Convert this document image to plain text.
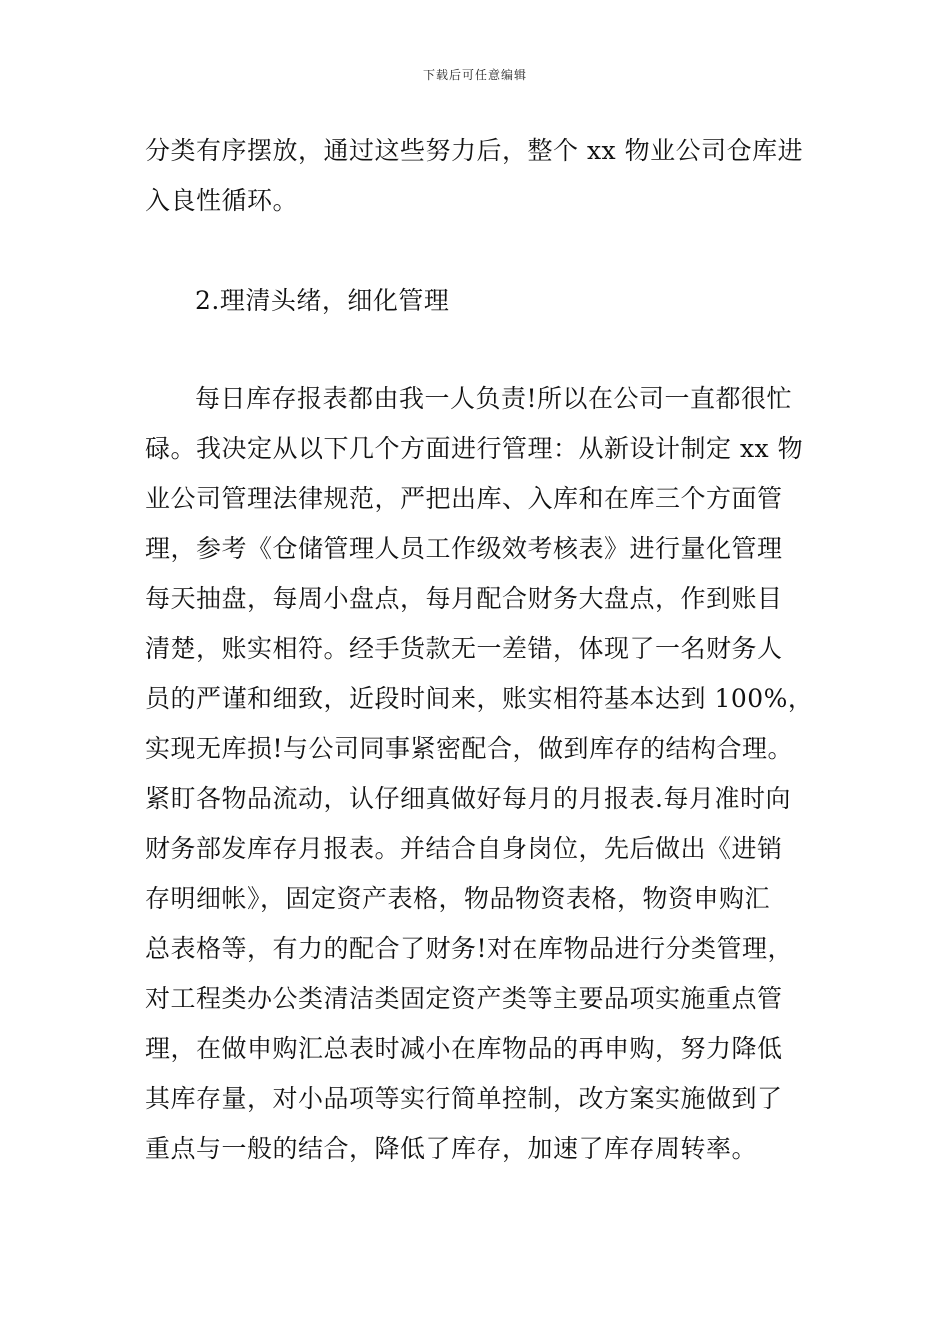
下载后可任意编辑
分类有序摆放，通过这些努力后，整个 xx 物业公司仓库进
入良性循环。
2.理清头绪，细化管理
每日库存报表都由我一人负责!所以在公司一直都很忙
碌。我决定从以下几个方面进行管理：从新设计制定 xx 物
业公司管理法律规范，严把出库、入库和在库三个方面管
理，参考《仓储管理人员工作级效考核表》进行量化管理
每天抽盘，每周小盘点，每月配合财务大盘点，作到账目
清楚，账实相符。经手货款无一差错，体现了一名财务人
员的严谨和细致，近段时间来，账实相符基本达到 100%，
实现无库损!与公司同事紧密配合，做到库存的结构合理。
紧盯各物品流动，认仔细真做好每月的月报表.每月准时向
财务部发库存月报表。并结合自身岗位，先后做出《进销
存明细帐》，固定资产表格，物品物资表格，物资申购汇
总表格等，有力的配合了财务!对在库物品进行分类管理，
对工程类办公类清洁类固定资产类等主要品项实施重点管
理，在做申购汇总表时减小在库物品的再申购，努力降低
其库存量，对小品项等实行简单控制，改方案实施做到了
重点与一般的结合，降低了库存，加速了库存周转率。
